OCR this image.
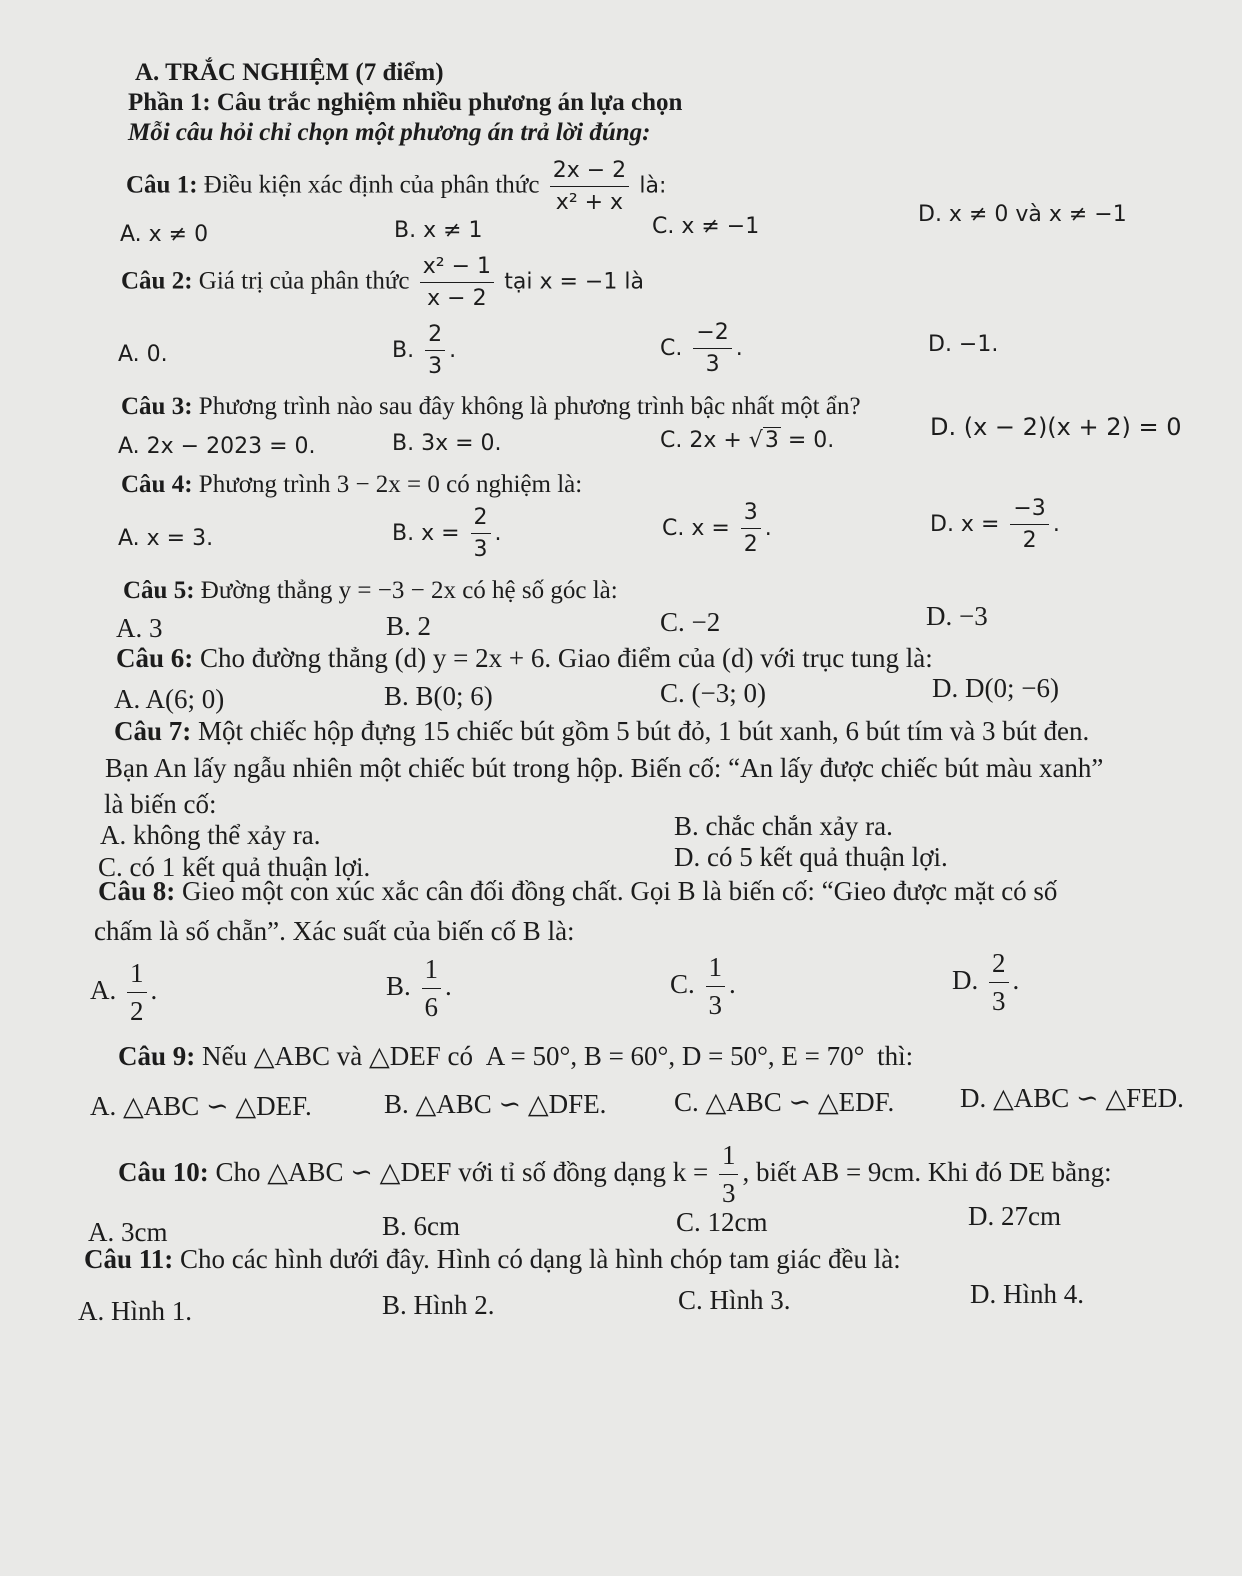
A. TRẮC NGHIỆM (7 điểm)
Phần 1: Câu trắc nghiệm nhiều phương án lựa chọn
Mỗi câu hỏi chỉ chọn một phương án trả lời đúng:
Câu 1: Điều kiện xác định của phân thức $\frac{2x - 2}{\text{x² + x}}$ là:
A. x ≠ 0	B. x ≠ 1	C. x ≠ −1	D. x ≠ 0 và x ≠ −1
Câu 2: Giá trị của phân thức $\frac{\text{x² − 1}}{x - 2}$ tại x = −1 là
A. 0.	B. $\frac{2}{3}$ .	C. $\frac{-2}{3}$ .	D. −1.
Câu 3: Phương trình nào sau đây không là phương trình bậc nhất một ẩn?
A. 2x − 2023 = 0.	B. 3x = 0.	C. 2x + √3 = 0.	D. (x − 2)(x + 2) = 0
Câu 4: Phương trình 3 − 2x = 0 có nghiệm là:
A. x = 3.	B. $x = \frac{2}{3}$ .	C. $x = \frac{3}{2}$ .	D. $x = \frac{-3}{2}$ .
Câu 5: Đường thẳng y = −3 − 2x có hệ số góc là:
A. 3	B. 2	C. −2	D. −3
Câu 6: Cho đường thẳng (d) y = 2x + 6. Giao điểm của (d) với trục tung là:
A. A(6; 0)	B. B(0; 6)	C. (−3; 0)	D. D(0; −6)
Câu 7: Một chiếc hộp đựng 15 chiếc bút gồm 5 bút đỏ, 1 bút xanh, 6 bút tím và 3 bút đen.
Bạn An lấy ngẫu nhiên một chiếc bút trong hộp. Biến cố: “An lấy được chiếc bút màu xanh”
là biến cố:
A. không thể xảy ra.	B. chắc chắn xảy ra.
C. có 1 kết quả thuận lợi.	D. có 5 kết quả thuận lợi.
Câu 8: Gieo một con xúc xắc cân đối đồng chất. Gọi B là biến cố: “Gieo được mặt có số
chấm là số chẵn”. Xác suất của biến cố B là:
A. $\frac{1}{2}$ .	B. $\frac{1}{6}$ .	C. $\frac{1}{3}$ .	D. $\frac{2}{3}$ .
Câu 9: Nếu △ABC và △DEF có A = 50°, B = 60°, D = 50°, E = 70° thì:
A. △ABC ∽ △DEF.	B. △ABC ∽ △DFE.	C. △ABC ∽ △EDF. D. △ABC ∽ △FED.
Câu 10: Cho △ABC ∽ △DEF với tỉ số đồng dạng $k = \frac{1}{3}$ , biết AB = 9cm. Khi đó DE bằng:
A. 3cm	B. 6cm	C. 12cm	D. 27cm
Câu 11: Cho các hình dưới đây. Hình có dạng là hình chóp tam giác đều là:
A. Hình 1.	B. Hình 2.	C. Hình 3.	D. Hình 4.
